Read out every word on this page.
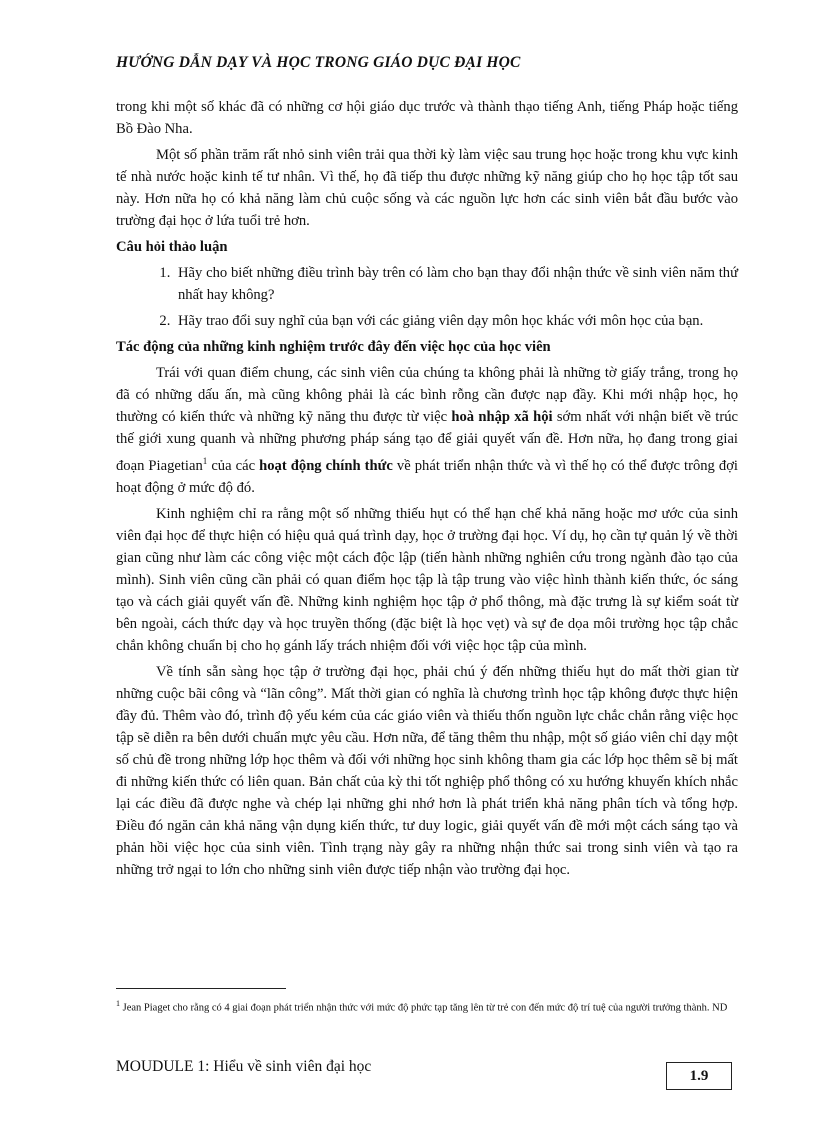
HƯỚNG DẪN DẠY VÀ HỌC TRONG GIÁO DỤC ĐẠI HỌC

trong khi một số khác đã có những cơ hội giáo dục trước và thành thạo tiếng Anh, tiếng Pháp hoặc tiếng Bồ Đào Nha.

Một số phần trăm rất nhỏ sinh viên trải qua thời kỳ làm việc sau trung học hoặc trong khu vực kinh tế nhà nước hoặc kinh tế tư nhân. Vì thế, họ đã tiếp thu được những kỹ năng giúp cho họ học tập tốt sau này. Hơn nữa họ có khả năng làm chủ cuộc sống và các nguồn lực hơn các sinh viên bắt đầu bước vào trường đại học ở lứa tuổi trẻ hơn.

Câu hỏi thảo luận

1. Hãy cho biết những điều trình bày trên có làm cho bạn thay đổi nhận thức về sinh viên năm thứ nhất hay không?
2. Hãy trao đổi suy nghĩ của bạn với các giảng viên dạy môn học khác với môn học của bạn.

Tác động của những kinh nghiệm trước đây đến việc học của học viên

Trái với quan điểm chung, các sinh viên của chúng ta không phải là những tờ giấy trắng, trong họ đã có những dấu ấn, mà cũng không phải là các bình rỗng cần được nạp đầy. Khi mới nhập học, họ thường có kiến thức và những kỹ năng thu được từ việc hoà nhập xã hội sớm nhất với nhận biết về trúc thế giới xung quanh và những phương pháp sáng tạo để giải quyết vấn đề. Hơn nữa, họ đang trong giai đoạn Piagetian$^1$ của các hoạt động chính thức về phát triển nhận thức và vì thế họ có thể được trông đợi hoạt động ở mức độ đó.

Kinh nghiệm chỉ ra rằng một số những thiếu hụt có thể hạn chế khả năng hoặc mơ ước của sinh viên đại học để thực hiện có hiệu quả quá trình dạy, học ở trường đại học. Ví dụ, họ cần tự quản lý về thời gian cũng như làm các công việc một cách độc lập (tiến hành những nghiên cứu trong ngành đào tạo của mình). Sinh viên cũng cần phải có quan điểm học tập là tập trung vào việc hình thành kiến thức, óc sáng tạo và cách giải quyết vấn đề. Những kinh nghiệm học tập ở phổ thông, mà đặc trưng là sự kiểm soát từ bên ngoài, cách thức dạy và học truyền thống (đặc biệt là học vẹt) và sự đe dọa môi trường học tập chắc chắn không chuẩn bị cho họ gánh lấy trách nhiệm đối với việc học tập của mình.

Về tính sẵn sàng học tập ở trường đại học, phải chú ý đến những thiếu hụt do mất thời gian từ những cuộc bãi công và “lãn công”. Mất thời gian có nghĩa là chương trình học tập không được thực hiện đầy đủ. Thêm vào đó, trình độ yếu kém của các giáo viên và thiếu thốn nguồn lực chắc chắn rằng việc học tập sẽ diễn ra bên dưới chuẩn mực yêu cầu. Hơn nữa, để tăng thêm thu nhập, một số giáo viên chỉ dạy một số chủ đề trong những lớp học thêm và đối với những học sinh không tham gia các lớp học thêm sẽ bị mất đi những kiến thức có liên quan. Bản chất của kỳ thi tốt nghiệp phổ thông có xu hướng khuyến khích nhắc lại các điều đã được nghe và chép lại những ghi nhớ hơn là phát triển khả năng phân tích và tổng hợp. Điều đó ngăn cản khả năng vận dụng kiến thức, tư duy logic, giải quyết vấn đề mới một cách sáng tạo và phản hồi việc học của sinh viên. Tình trạng này gây ra những nhận thức sai trong sinh viên và tạo ra những trở ngại to lớn cho những sinh viên được tiếp nhận vào trường đại học.

$^1$ Jean Piaget cho rằng có 4 giai đoạn phát triển nhận thức với mức độ phức tạp tăng lên từ trẻ con đến mức độ trí tuệ của người trưởng thành. ND
MOUDULE 1: Hiểu về sinh viên đại học
1.9
